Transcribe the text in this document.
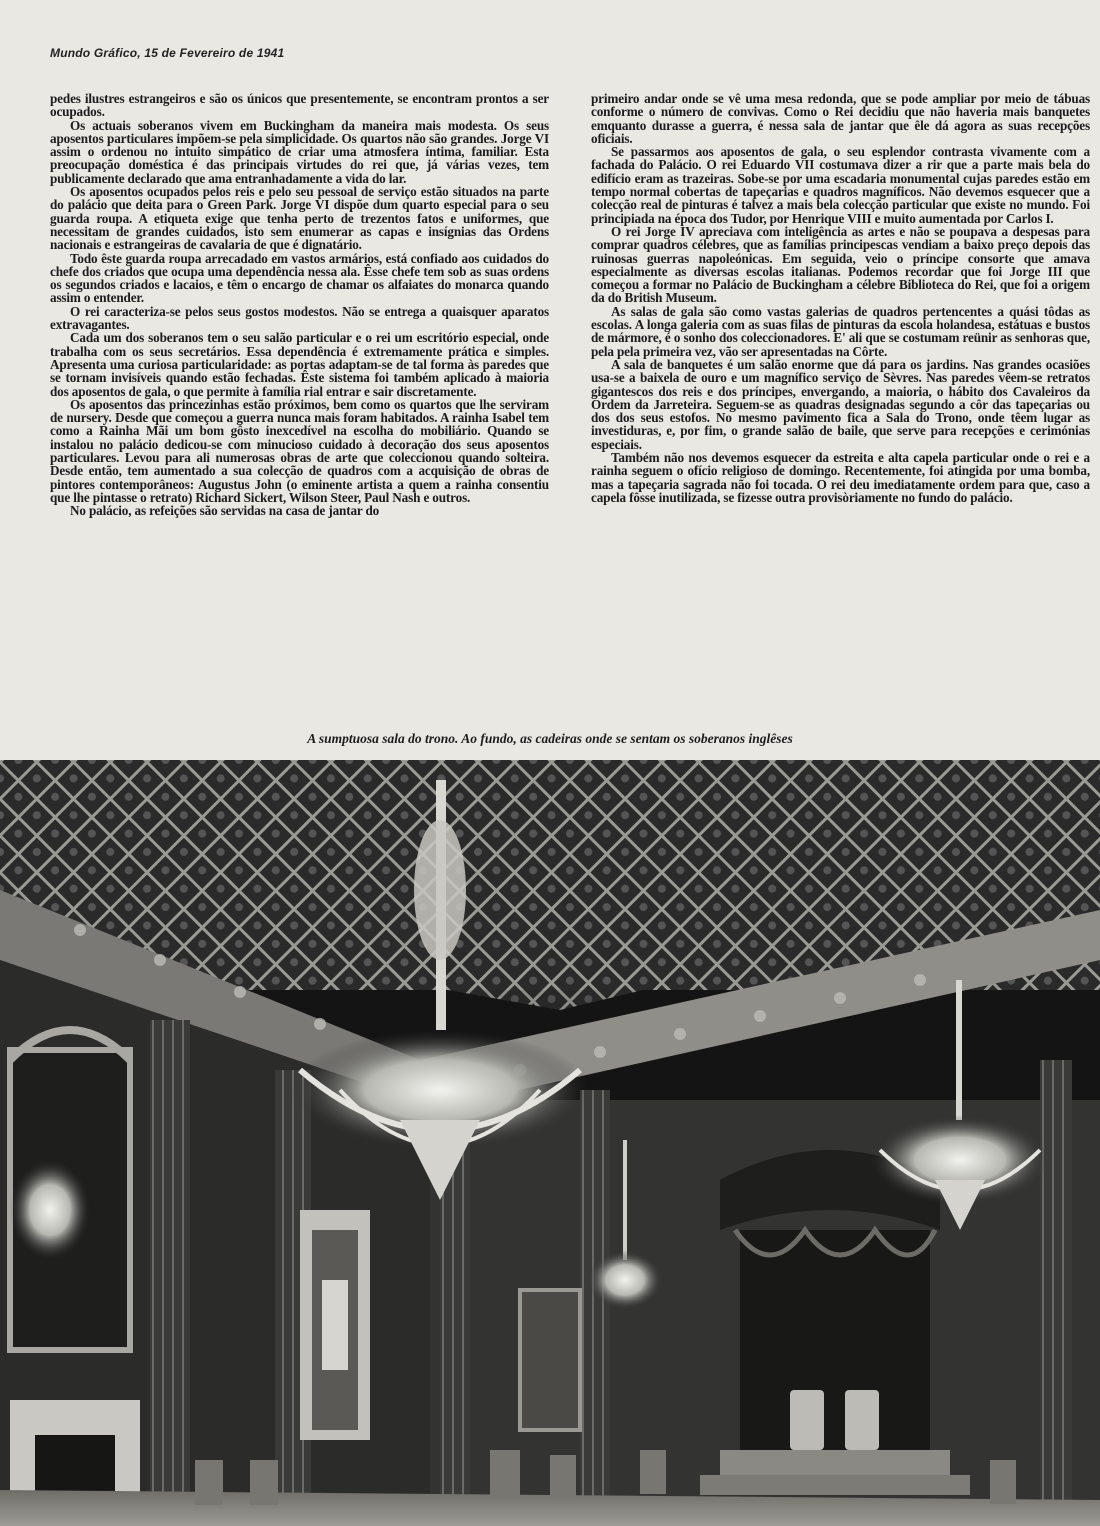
Mundo Gráfico, 15 de Fevereiro de 1941

pedes ilustres estrangeiros e são os únicos que presentemente, se encontram prontos a ser ocupados.

Os actuais soberanos vivem em Buckingham da maneira mais modesta. Os seus aposentos particulares impõem-se pela simplicidade. Os quartos não são grandes. Jorge VI assim o ordenou no intuito simpático de criar uma atmosfera íntima, familiar. Esta preocupação doméstica é das principais virtudes do rei que, já várias vezes, tem publicamente declarado que ama entranhadamente a vida do lar.

Os aposentos ocupados pelos reis e pelo seu pessoal de serviço estão situados na parte do palácio que deita para o Green Park. Jorge VI dispõe dum quarto especial para o seu guarda roupa. A etiqueta exige que tenha perto de trezentos fatos e uniformes, que necessitam de grandes cuidados, isto sem enumerar as capas e insígnias das Ordens nacionais e estrangeiras de cavalaria de que é dignatário.

Todo êste guarda roupa arrecadado em vastos armários, está confiado aos cuidados do chefe dos criados que ocupa uma dependência nessa ala. Êsse chefe tem sob as suas ordens os segundos criados e lacaios, e têm o encargo de chamar os alfaiates do monarca quando assim o entender.

O rei caracteriza-se pelos seus gostos modestos. Não se entrega a quaisquer aparatos extravagantes.

Cada um dos soberanos tem o seu salão particular e o rei um escritório especial, onde trabalha com os seus secretários. Essa dependência é extremamente prática e simples. Apresenta uma curiosa particularidade: as portas adaptam-se de tal forma às paredes que se tornam invisíveis quando estão fechadas. Êste sistema foi também aplicado à maioria dos aposentos de gala, o que permite à família rial entrar e sair discretamente.

Os aposentos das princezinhas estão próximos, bem como os quartos que lhe serviram de nursery. Desde que começou a guerra nunca mais foram habitados. A rainha Isabel tem como a Rainha Mãi um bom gôsto inexcedível na escolha do mobiliário. Quando se instalou no palácio dedicou-se com minucioso cuidado à decoração dos seus aposentos particulares. Levou para ali numerosas obras de arte que coleccionou quando solteira. Desde então, tem aumentado a sua colecção de quadros com a acquisição de obras de pintores contemporâneos: Augustus John (o eminente artista a quem a rainha consentiu que lhe pintasse o retrato) Richard Sickert, Wilson Steer, Paul Nash e outros.

No palácio, as refeições são servidas na casa de jantar do

primeiro andar onde se vê uma mesa redonda, que se pode ampliar por meio de tábuas conforme o número de convivas. Como o Rei decidiu que não haveria mais banquetes emquanto durasse a guerra, é nessa sala de jantar que êle dá agora as suas recepções oficiais.

Se passarmos aos aposentos de gala, o seu esplendor contrasta vivamente com a fachada do Palácio. O rei Eduardo VII costumava dizer a rir que a parte mais bela do edifício eram as trazeiras. Sobe-se por uma escadaria monumental cujas paredes estão em tempo normal cobertas de tapeçarias e quadros magníficos. Não devemos esquecer que a colecção real de pinturas é talvez a mais bela colecção particular que existe no mundo. Foi principiada na época dos Tudor, por Henrique VIII e muito aumentada por Carlos I.

O rei Jorge IV apreciava com inteligência as artes e não se poupava a despesas para comprar quadros célebres, que as famílias principescas vendiam a baixo preço depois das ruinosas guerras napoleónicas. Em seguida, veio o príncipe consorte que amava especialmente as diversas escolas italianas. Podemos recordar que foi Jorge III que começou a formar no Palácio de Buckingham a célebre Biblioteca do Rei, que foi a origem da do British Museum.

As salas de gala são como vastas galerias de quadros pertencentes a quási tôdas as escolas. A longa galeria com as suas filas de pinturas da escola holandesa, estátuas e bustos de mármore, é o sonho dos coleccionadores. E' ali que se costumam reünir as senhoras que, pela pela primeira vez, vão ser apresentadas na Côrte.

A sala de banquetes é um salão enorme que dá para os jardins. Nas grandes ocasiões usa-se a baixela de ouro e um magnífico serviço de Sèvres. Nas paredes vêem-se retratos gigantescos dos reis e dos príncipes, envergando, a maioria, o hábito dos Cavaleiros da Ordem da Jarreteira. Seguem-se as quadras designadas segundo a côr das tapeçarias ou dos dos seus estofos. No mesmo pavimento fica a Sala do Trono, onde têem lugar as investiduras, e, por fim, o grande salão de baile, que serve para recepções e cerimónias especiais.

Também não nos devemos esquecer da estreita e alta capela particular onde o rei e a rainha seguem o ofício religioso de domingo. Recentemente, foi atingida por uma bomba, mas a tapeçaria sagrada não foi tocada. O rei deu imediatamente ordem para que, caso a capela fôsse inutilizada, se fizesse outra provisòriamente no fundo do palácio.

A sumptuosa sala do trono. Ao fundo, as cadeiras onde se sentam os soberanos inglêses
